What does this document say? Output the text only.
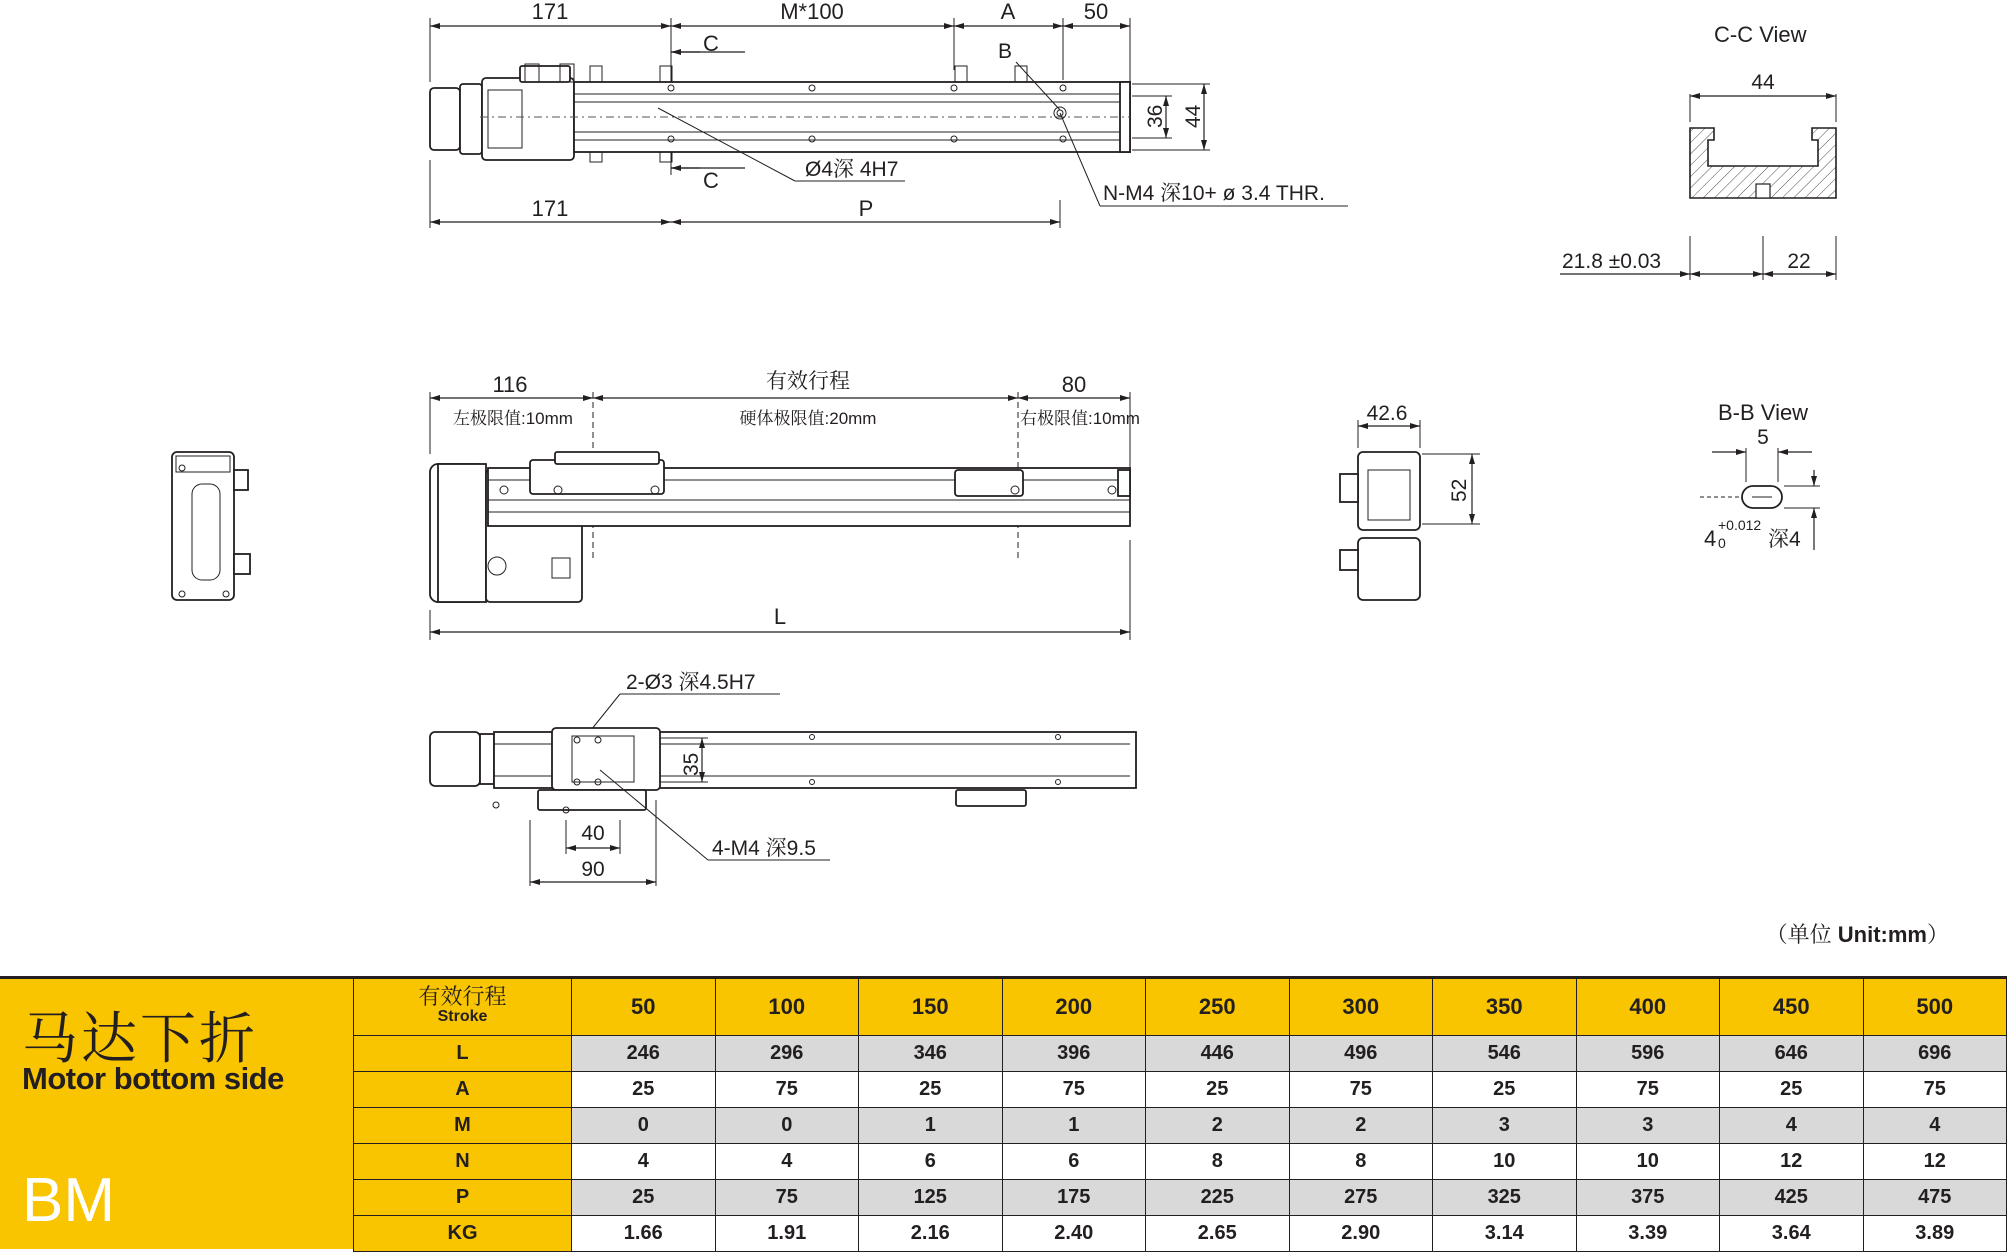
171	M*100	A	50
C
C	Ø4深 4H7
B
N-M4 深10+ ø 3.4 THR.
36 44
171	P
C-C View
44
21.8 ±0.03	22
116	有效行程	80
左极限值:10mm	硬体极限值:20mm	右极限值:10mm
L
42.6
52
B-B View
5
4
+0.012
0 深4
2-Ø3 深4.5H7
35
4-M4 深9.5
40
90
（单位 Unit:mm）
马达下折
Motor bottom side
BM
有效行程
Stroke	50	100	150	200	250	300	350	400	450	500
L	246	296	346	396	446	496	546	596	646	696
A	25	75	25	75	25	75	25	75	25	75
M	0	0	1	1	2	2	3	3	4	4
N	4	4	6	6	8	8	10	10	12	12
P	25	75	125	175	225	275	325	375	425	475
KG	1.66	1.91	2.16	2.40	2.65	2.90	3.14	3.39	3.64	3.89
